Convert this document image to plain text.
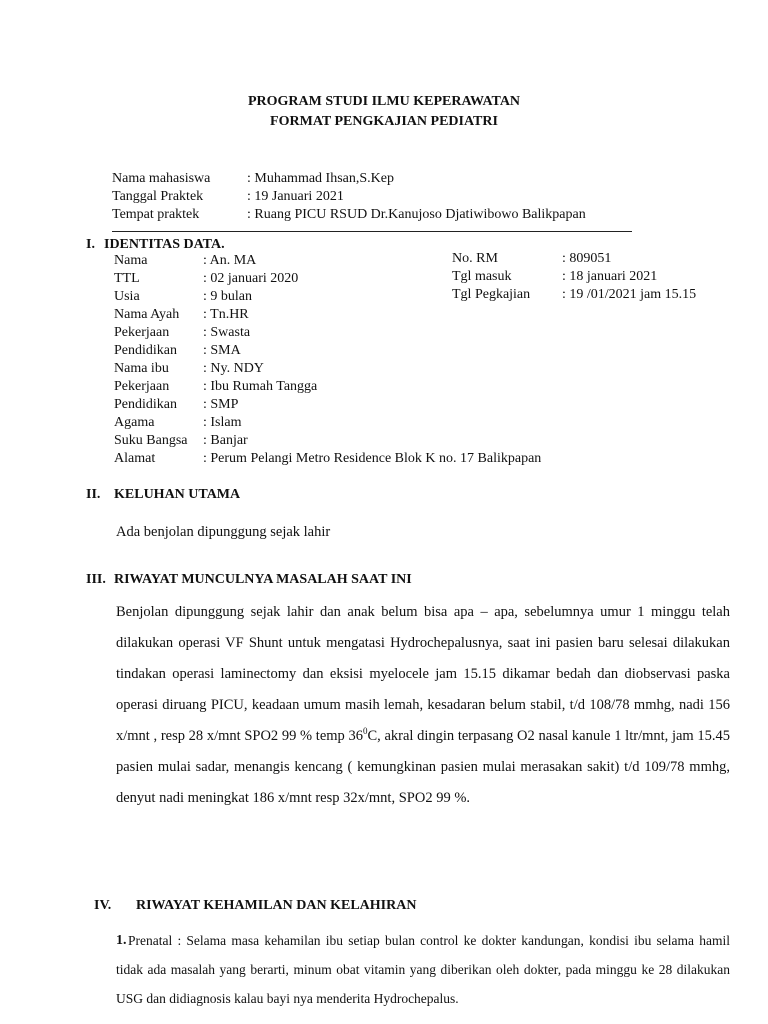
PROGRAM STUDI ILMU KEPERAWATAN
FORMAT PENGKAJIAN PEDIATRI
Nama mahasiswa	: Muhammad Ihsan,S.Kep
Tanggal Praktek	: 19 Januari 2021
Tempat praktek	: Ruang PICU RSUD Dr.Kanujoso Djatiwibowo Balikpapan
I. IDENTITAS DATA.
Nama	: An. MA
TTL	: 02 januari 2020
Usia	: 9 bulan
Nama Ayah : Tn.HR
Pekerjaan : Swasta
Pendidikan : SMA
Nama ibu : Ny. NDY
Pekerjaan : Ibu Rumah Tangga
Pendidikan : SMP
Agama	: Islam
Suku Bangsa : Banjar
Alamat	: Perum Pelangi Metro Residence Blok K no. 17 Balikpapan
No. RM	: 809051
Tgl masuk	: 18 januari 2021
Tgl Pegkajian : 19 /01/2021 jam 15.15
II. KELUHAN UTAMA
Ada benjolan dipunggung sejak lahir
III. RIWAYAT MUNCULNYA MASALAH SAAT INI

Benjolan dipunggung sejak lahir dan anak belum bisa apa – apa, sebelumnya umur 1 minggu telah dilakukan operasi VF Shunt untuk mengatasi Hydrochepalusnya, saat ini pasien baru selesai dilakukan tindakan operasi laminectomy dan eksisi myelocele jam 15.15 dikamar bedah dan diobservasi paska operasi diruang PICU, keadaan umum masih lemah, kesadaran belum stabil, t/d 108/78 mmhg, nadi 156 x/mnt , resp 28 x/mnt SPO2 99 % temp $36^0C$, akral dingin terpasang O2 nasal kanule 1 ltr/mnt, jam 15.45 pasien mulai sadar, menangis kencang ( kemungkinan pasien mulai merasakan sakit) t/d 109/78 mmhg, denyut nadi meningkat 186 x/mnt resp 32x/mnt, SPO2 99 %.

IV. RIWAYAT KEHAMILAN DAN KELAHIRAN
1. Prenatal : Selama masa kehamilan ibu setiap bulan control ke dokter kandungan, kondisi ibu selama hamil tidak ada masalah yang berarti, minum obat vitamin yang diberikan oleh dokter, pada minggu ke 28 dilakukan USG dan didiagnosis kalau bayi nya menderita Hydrochepalus.
